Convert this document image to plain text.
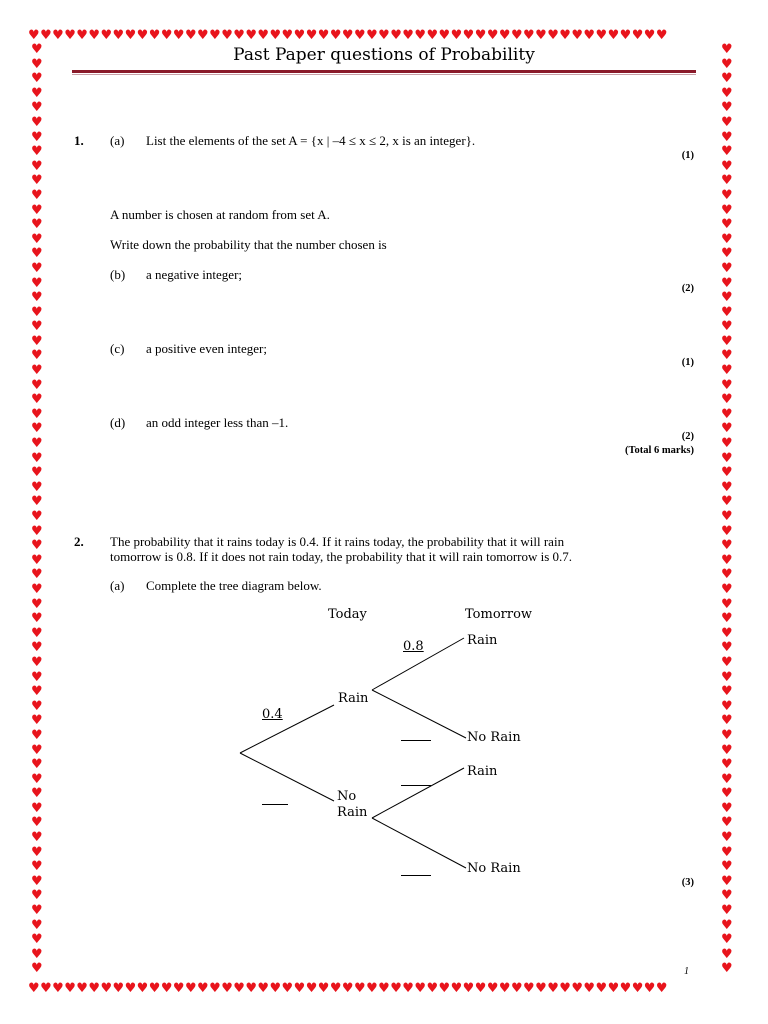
♥♥♥♥♥♥♥♥♥♥♥♥♥♥♥♥♥♥♥♥♥♥♥♥♥♥♥♥♥♥♥♥♥♥♥♥♥♥♥♥♥♥♥♥♥♥♥♥♥♥♥♥♥
♥♥♥♥♥♥♥♥♥♥♥♥♥♥♥♥♥♥♥♥♥♥♥♥♥♥♥♥♥♥♥♥♥♥♥♥♥♥♥♥♥♥♥♥♥♥♥♥♥♥♥♥♥
♥ ♥ ♥ ♥ ♥ ♥ ♥ ♥ ♥ ♥ ♥ ♥ ♥ ♥ ♥ ♥ ♥ ♥ ♥ ♥ ♥ ♥ ♥ ♥ ♥ ♥ ♥ ♥ ♥ ♥ ♥ ♥ ♥ ♥ ♥ ♥ ♥ ♥ ♥ ♥ ♥ ♥ ♥ ♥ ♥ ♥ ♥ ♥ ♥ ♥ ♥ ♥ ♥ ♥ ♥ ♥ ♥ ♥ ♥ ♥ ♥ ♥ ♥ ♥
♥ ♥ ♥ ♥ ♥ ♥ ♥ ♥ ♥ ♥ ♥ ♥ ♥ ♥ ♥ ♥ ♥ ♥ ♥ ♥ ♥ ♥ ♥ ♥ ♥ ♥ ♥ ♥ ♥ ♥ ♥ ♥ ♥ ♥ ♥ ♥ ♥ ♥ ♥ ♥ ♥ ♥ ♥ ♥ ♥ ♥ ♥ ♥ ♥ ♥ ♥ ♥ ♥ ♥ ♥ ♥ ♥ ♥ ♥ ♥ ♥ ♥ ♥ ♥
Past Paper questions of Probability
1. (a) List the elements of the set A = {x | –4 ≤ x ≤ 2, x is an integer}.
(1)
A number is chosen at random from set A.
Write down the probability that the number chosen is
(b) a negative integer;
(2)
(c) a positive even integer;
(1)
(d) an odd integer less than –1.
(2)
(Total 6 marks)
2. The probability that it rains today is 0.4. If it rains today, the probability that it will rain
tomorrow is 0.8. If it does not rain today, the probability that it will rain tomorrow is 0.7.
(a) Complete the tree diagram below.
Today	Tomorrow
Rain
No
Rain
Rain
No Rain
Rain
No Rain
0.4
0.8
(3)
1
